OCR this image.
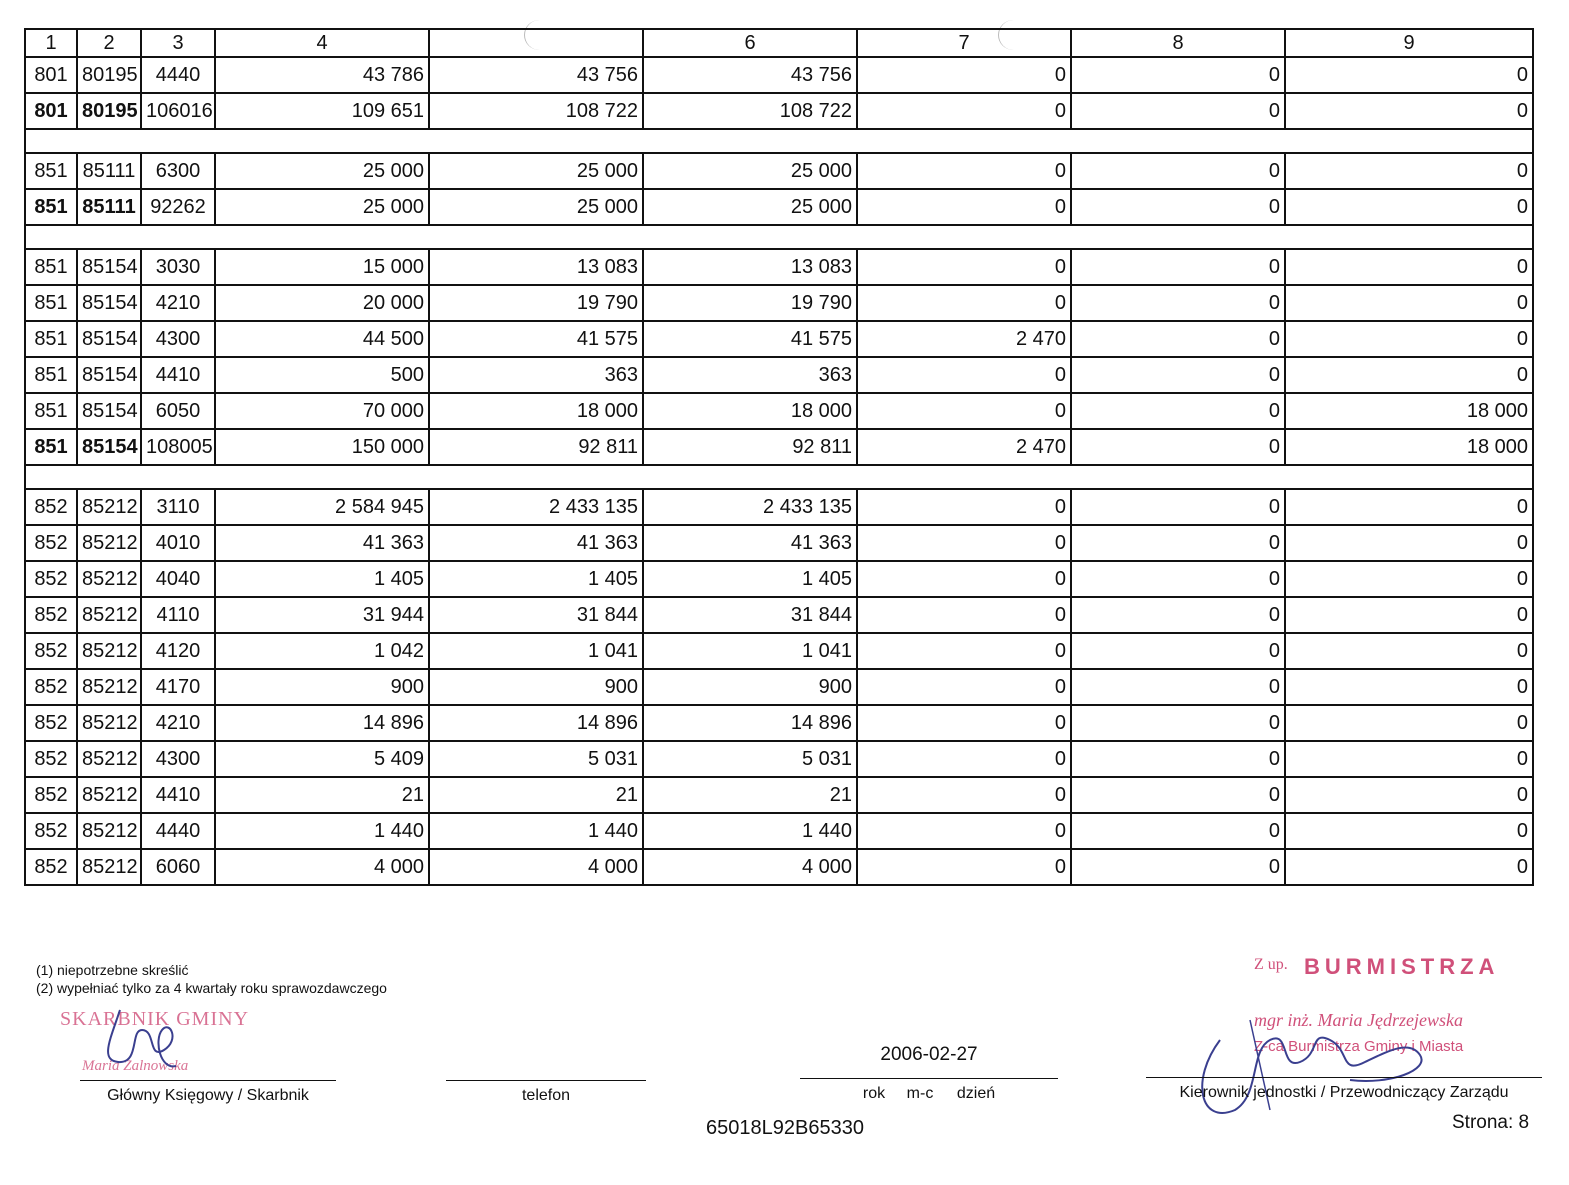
1	2	3	4		6	7	8	9
801	80195	4440	43 786	43 756	43 756	0	0	0
801	80195	106016	109 651	108 722	108 722	0	0	0

851	85111	6300	25 000	25 000	25 000	0	0	0
851	85111	92262	25 000	25 000	25 000	0	0	0

851	85154	3030	15 000	13 083	13 083	0	0	0
851	85154	4210	20 000	19 790	19 790	0	0	0
851	85154	4300	44 500	41 575	41 575	2 470	0	0
851	85154	4410	500	363	363	0	0	0
851	85154	6050	70 000	18 000	18 000	0	0	18 000
851	85154	108005	150 000	92 811	92 811	2 470	0	18 000

852	85212	3110	2 584 945	2 433 135	2 433 135	0	0	0
852	85212	4010	41 363	41 363	41 363	0	0	0
852	85212	4040	1 405	1 405	1 405	0	0	0
852	85212	4110	31 944	31 844	31 844	0	0	0
852	85212	4120	1 042	1 041	1 041	0	0	0
852	85212	4170	900	900	900	0	0	0
852	85212	4210	14 896	14 896	14 896	0	0	0
852	85212	4300	5 409	5 031	5 031	0	0	0
852	85212	4410	21	21	21	0	0	0
852	85212	4440	1 440	1 440	1 440	0	0	0
852	85212	6060	4 000	4 000	4 000	0	0	0
(1) niepotrzebne skreślić
(2) wypełniać tylko za 4 kwartały roku sprawozdawczego
SKARBNIK GMINY
Maria Zalnowska
Główny Księgowy / Skarbnik	telefon
2006-02-27
rok	m-c	dzień
Z up. BURMISTRZA
mgr inż. Maria Jędrzejewska
Z-ca Burmistrza Gminy i Miasta
Kierownik jednostki / Przewodniczący Zarządu
65018L92B65330	Strona: 8
